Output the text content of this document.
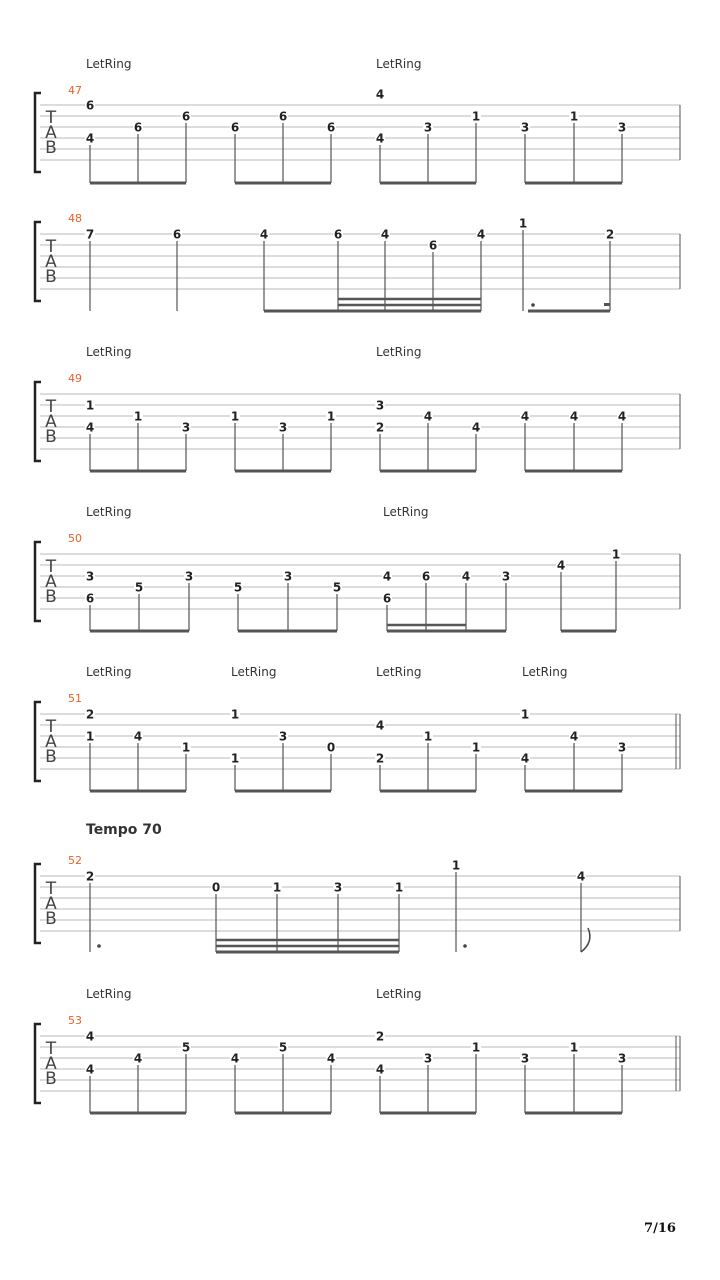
T
A
B
47
LetRing	LetRing
T
A
B
48
T
A
B
49
LetRing	LetRing
T
A
B
50
LetRing	LetRing
T
A
B
51
LetRing	LetRing	LetRing	LetRing
T
A
B
52
T
A
B
53
LetRing	LetRing
6
4
6
6
6
6
6
4
4
3
1
3
1
3
7	6	4	6	4
6
4
1
2
1
4
1
3
1
3
1
3
2
4
4
4	4	4
3
6
5
3
5
3
5
4	6
6
4	3
4
1
2
1	4
1
1
1
3
0
4
2
1
1
1
4
4
3
2
0	1	3	1
1
4
4
4
4
5
4
5
4
2
4
3
1
3
1
3
Tempo 70
7/16
